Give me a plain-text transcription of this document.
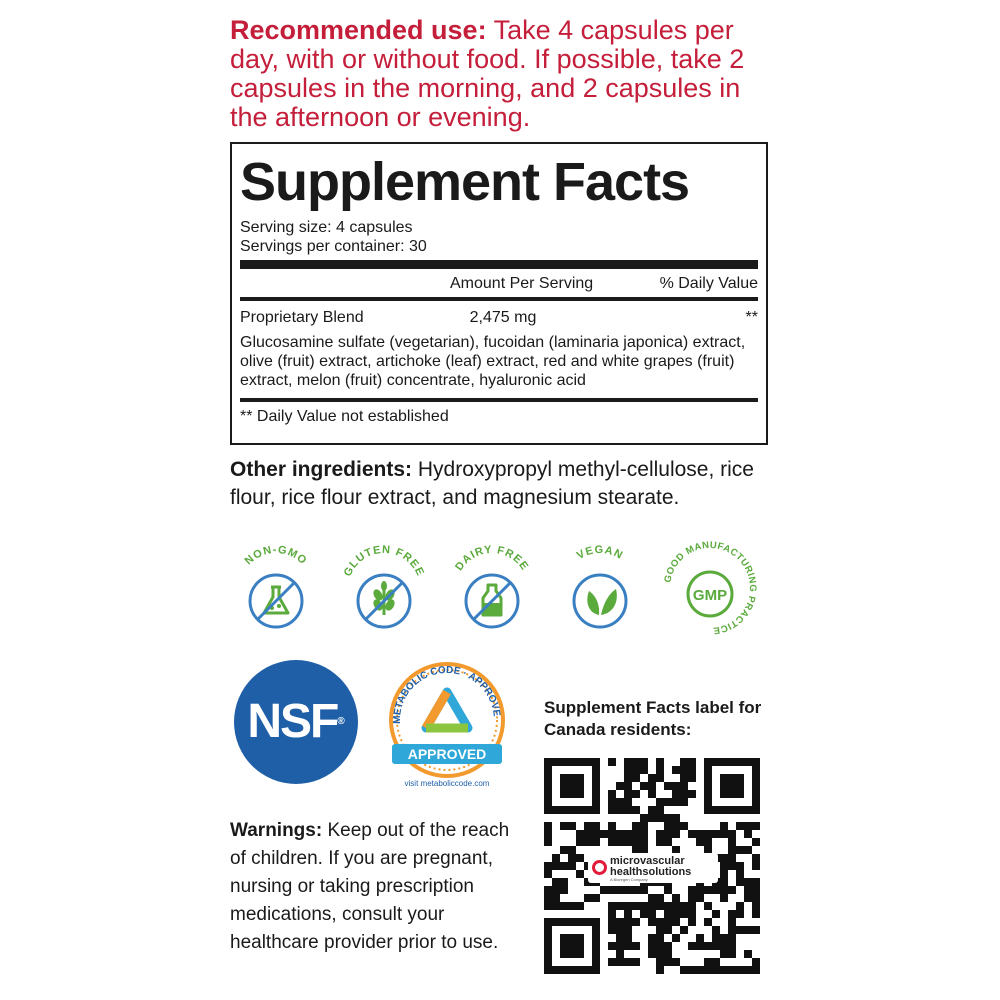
Recommended use: Take 4 capsules per day, with or without food. If possible, take 2 capsules in the morning, and 2 capsules in the afternoon or evening.
Supplement Facts
Serving size: 4 capsules
Servings per container: 30
Amount Per Serving	% Daily Value
Proprietary Blend	2,475 mg	**
Glucosamine sulfate (vegetarian), fucoidan (laminaria japonica) extract, olive (fruit) extract, artichoke (leaf) extract, red and white grapes (fruit) extract, melon (fruit) concentrate, hyaluronic acid
** Daily Value not established
Other ingredients: Hydroxypropyl methyl-cellulose, rice flour, rice flour extract, and magnesium stearate.
NON-GMO
GLUTEN FREE DAIRY FREE
VEGAN
GOOD MANUFACTURING PRACTICE
GMP
NSF®	METABOLIC CODE · APPROVE
APPROVED
visit metaboliccode.com
Supplement Facts label for Canada residents:
microvascular
healthsolutions
A Bioregen Company
Warnings: Keep out of the reach of children. If you are pregnant, nursing or taking prescription medications, consult your healthcare provider prior to use.
